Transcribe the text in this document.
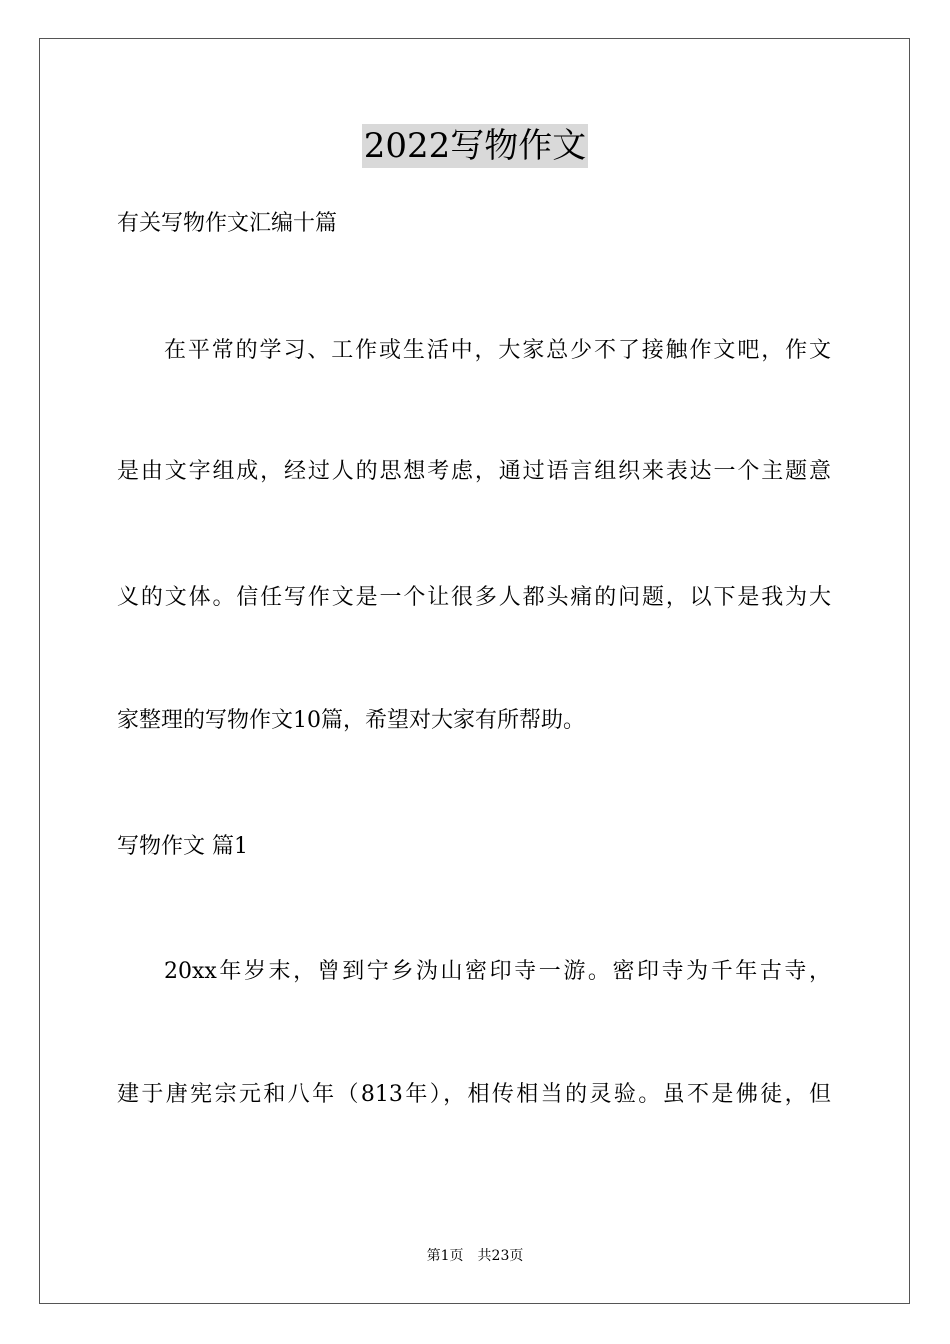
2022写物作文
有关写物作文汇编十篇
在平常的学习、工作或生活中，大家总少不了接触作文吧，作文
是由文字组成，经过人的思想考虑，通过语言组织来表达一个主题意
义的文体。信任写作文是一个让很多人都头痛的问题，以下是我为大
家整理的写物作文10篇，希望对大家有所帮助。
写物作文 篇1
20xx年岁末，曾到宁乡沩山密印寺一游。密印寺为千年古寺，
建于唐宪宗元和八年（813年），相传相当的灵验。虽不是佛徒，但
第1页　共23页
